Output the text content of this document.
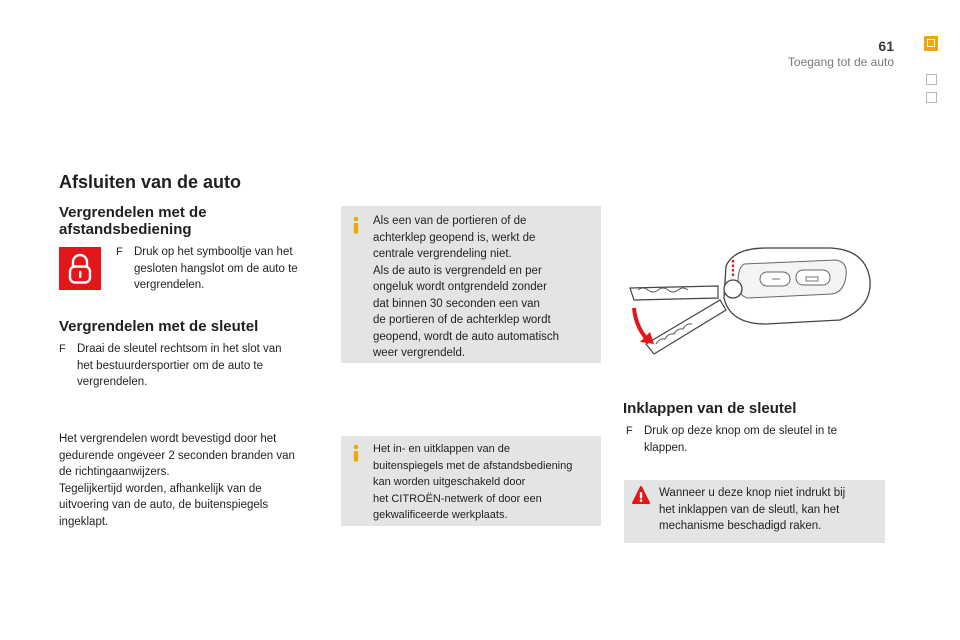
61
Toegang tot de auto
Afsluiten van de auto
Vergrendelen met de
afstandsbediening
F Druk op het symbooltje van het
gesloten hangslot om de auto te
vergrendelen.
Vergrendelen met de sleutel
F Draai de sleutel rechtsom in het slot van
het bestuurdersportier om de auto te
vergrendelen.
Het vergrendelen wordt bevestigd door het
gedurende ongeveer 2 seconden branden van
de richtingaanwijzers.
Tegelijkertijd worden, afhankelijk van de
uitvoering van de auto, de buitenspiegels
ingeklapt.
Als een van de portieren of de
achterklep geopend is, werkt de
centrale vergrendeling niet.
Als de auto is vergrendeld en per
ongeluk wordt ontgrendeld zonder
dat binnen 30 seconden een van
de portieren of de achterklep wordt
geopend, wordt de auto automatisch
weer vergrendeld.
Het in- en uitklappen van de
buitenspiegels met de afstandsbediening
kan worden uitgeschakeld door
het CITROËN-netwerk of door een
gekwalificeerde werkplaats.
Inklappen van de sleutel
F Druk op deze knop om de sleutel in te
klappen.
Wanneer u deze knop niet indrukt bij
het inklappen van de sleutl, kan het
mechanisme beschadigd raken.
